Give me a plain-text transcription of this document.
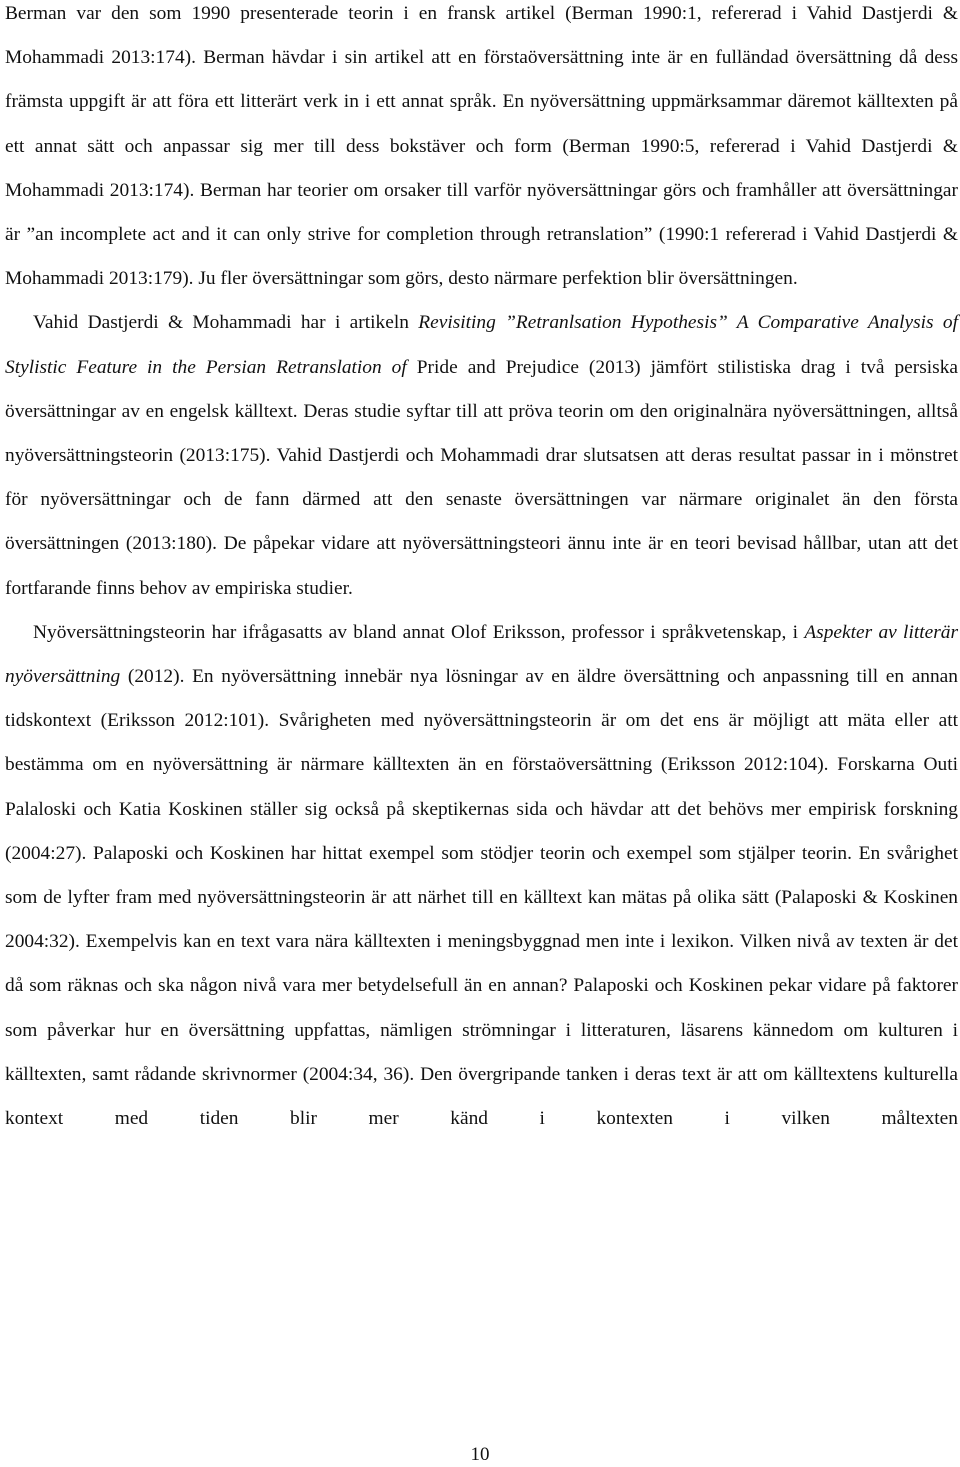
Berman var den som 1990 presenterade teorin i en fransk artikel (Berman 1990:1, refererad i Vahid Dastjerdi & Mohammadi 2013:174). Berman hävdar i sin artikel att en förstaöversättning inte är en fulländad översättning då dess främsta uppgift är att föra ett litterärt verk in i ett annat språk. En nyöversättning uppmärksammar däremot källtexten på ett annat sätt och anpassar sig mer till dess bokstäver och form (Berman 1990:5, refererad i Vahid Dastjerdi & Mohammadi 2013:174). Berman har teorier om orsaker till varför nyöversättningar görs och framhåller att översättningar är ”an incomplete act and it can only strive for completion through retranslation” (1990:1 refererad i Vahid Dastjerdi & Mohammadi 2013:179). Ju fler översättningar som görs, desto närmare perfektion blir översättningen.

Vahid Dastjerdi & Mohammadi har i artikeln Revisiting ”Retranlsation Hypothesis” A Comparative Analysis of Stylistic Feature in the Persian Retranslation of Pride and Prejudice (2013) jämfört stilistiska drag i två persiska översättningar av en engelsk källtext. Deras studie syftar till att pröva teorin om den originalnära nyöversättningen, alltså nyöversättningsteorin (2013:175). Vahid Dastjerdi och Mohammadi drar slutsatsen att deras resultat passar in i mönstret för nyöversättningar och de fann därmed att den senaste översättningen var närmare originalet än den första översättningen (2013:180). De påpekar vidare att nyöversättningsteori ännu inte är en teori bevisad hållbar, utan att det fortfarande finns behov av empiriska studier.

Nyöversättningsteorin har ifrågasatts av bland annat Olof Eriksson, professor i språkvetenskap, i Aspekter av litterär nyöversättning (2012). En nyöversättning innebär nya lösningar av en äldre översättning och anpassning till en annan tidskontext (Eriksson 2012:101). Svårigheten med nyöversättningsteorin är om det ens är möjligt att mäta eller att bestämma om en nyöversättning är närmare källtexten än en förstaöversättning (Eriksson 2012:104). Forskarna Outi Palaloski och Katia Koskinen ställer sig också på skeptikernas sida och hävdar att det behövs mer empirisk forskning (2004:27). Palaposki och Koskinen har hittat exempel som stödjer teorin och exempel som stjälper teorin. En svårighet som de lyfter fram med nyöversättningsteorin är att närhet till en källtext kan mätas på olika sätt (Palaposki & Koskinen 2004:32). Exempelvis kan en text vara nära källtexten i meningsbyggnad men inte i lexikon. Vilken nivå av texten är det då som räknas och ska någon nivå vara mer betydelsefull än en annan? Palaposki och Koskinen pekar vidare på faktorer som påverkar hur en översättning uppfattas, nämligen strömningar i litteraturen, läsarens kännedom om kulturen i källtexten, samt rådande skrivnormer (2004:34, 36). Den övergripande tanken i deras text är att om källtextens kulturella kontext med tiden blir mer känd i kontexten i vilken måltexten

10
